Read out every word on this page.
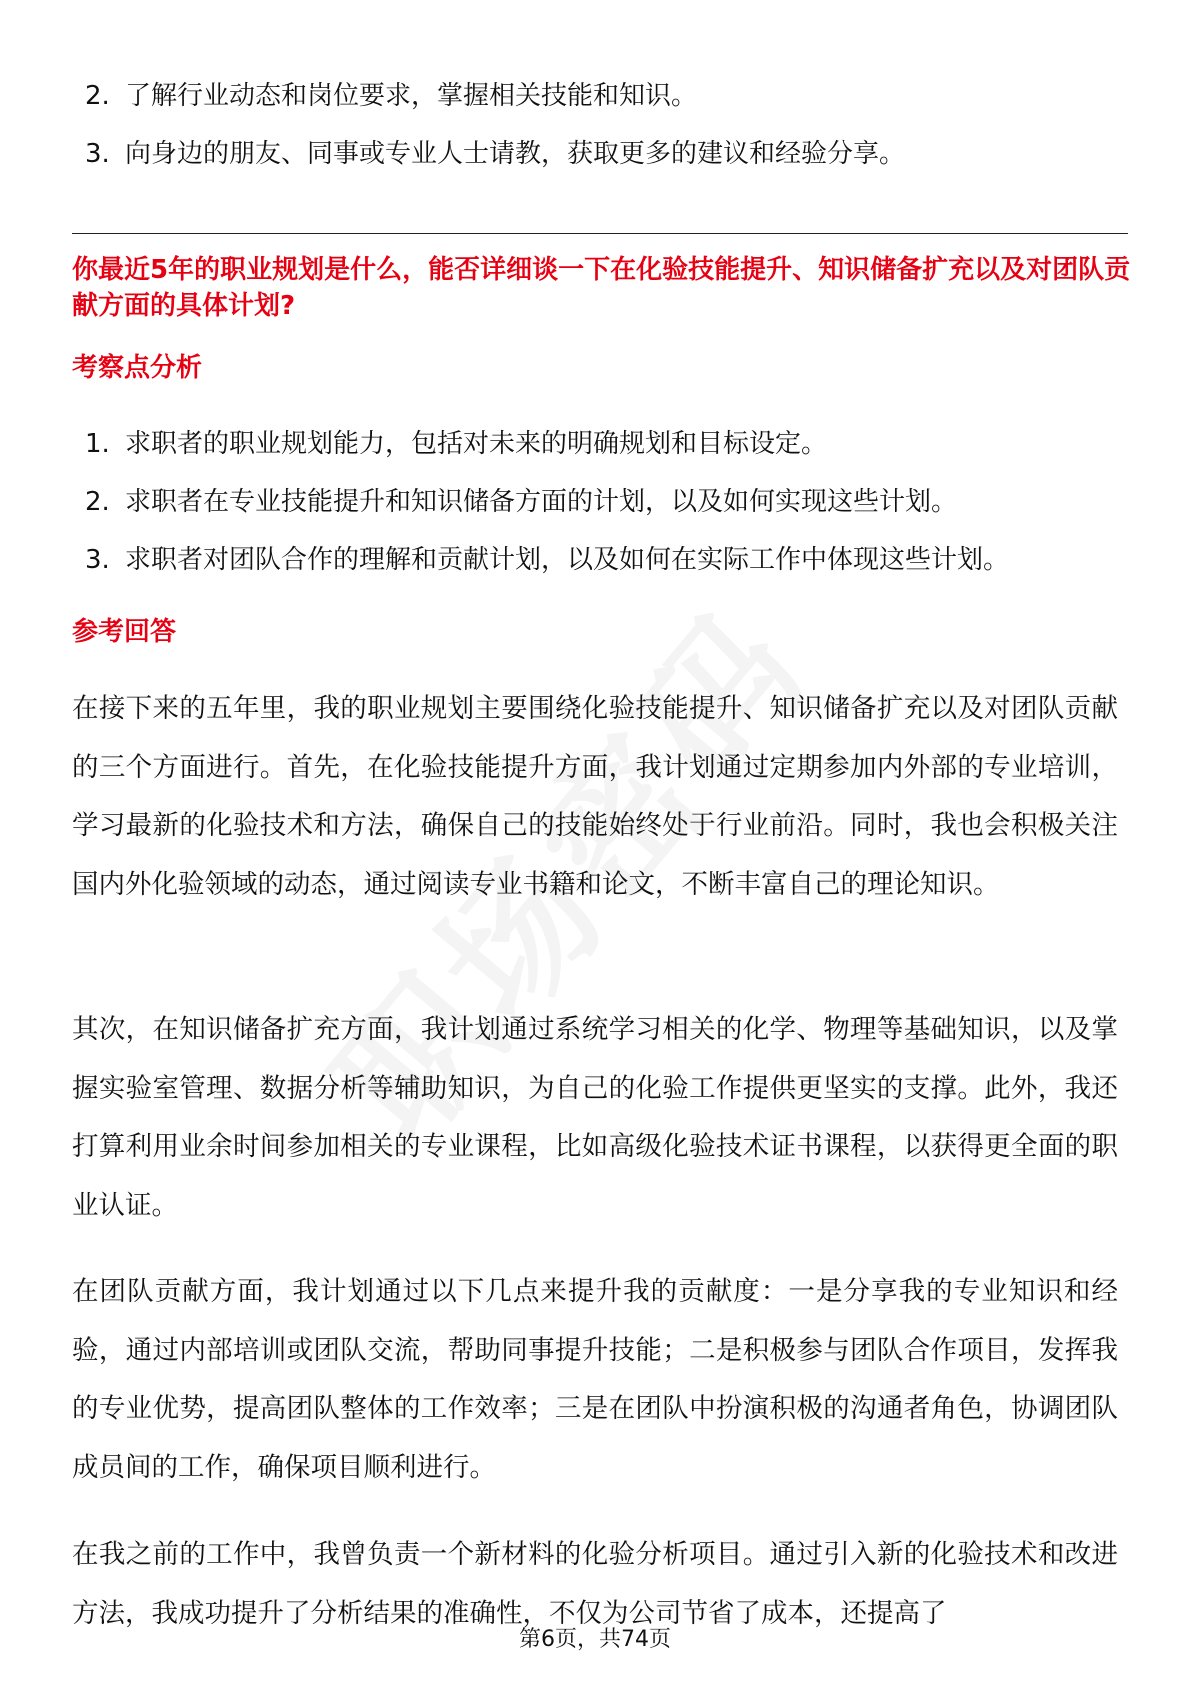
2. 了解行业动态和岗位要求，掌握相关技能和知识。
3. 向身边的朋友、同事或专业人士请教，获取更多的建议和经验分享。
你最近5年的职业规划是什么，能否详细谈一下在化验技能提升、知识储备扩充以及对团队贡献方面的具体计划?
考察点分析
1. 求职者的职业规划能力，包括对未来的明确规划和目标设定。
2. 求职者在专业技能提升和知识储备方面的计划，以及如何实现这些计划。
3. 求职者对团队合作的理解和贡献计划，以及如何在实际工作中体现这些计划。
参考回答

在接下来的五年里，我的职业规划主要围绕化验技能提升、知识储备扩充以及对团队贡献的三个方面进行。首先，在化验技能提升方面，我计划通过定期参加内外部的专业培训，学习最新的化验技术和方法，确保自己的技能始终处于行业前沿。同时，我也会积极关注国内外化验领域的动态，通过阅读专业书籍和论文，不断丰富自己的理论知识。

其次，在知识储备扩充方面，我计划通过系统学习相关的化学、物理等基础知识，以及掌握实验室管理、数据分析等辅助知识，为自己的化验工作提供更坚实的支撑。此外，我还打算利用业余时间参加相关的专业课程，比如高级化验技术证书课程，以获得更全面的职业认证。

在团队贡献方面，我计划通过以下几点来提升我的贡献度：一是分享我的专业知识和经验，通过内部培训或团队交流，帮助同事提升技能；二是积极参与团队合作项目，发挥我的专业优势，提高团队整体的工作效率；三是在团队中扮演积极的沟通者角色，协调团队成员间的工作，确保项目顺利进行。

在我之前的工作中，我曾负责一个新材料的化验分析项目。通过引入新的化验技术和改进方法，我成功提升了分析结果的准确性，不仅为公司节省了成本，还提高了

第6页，共74页
